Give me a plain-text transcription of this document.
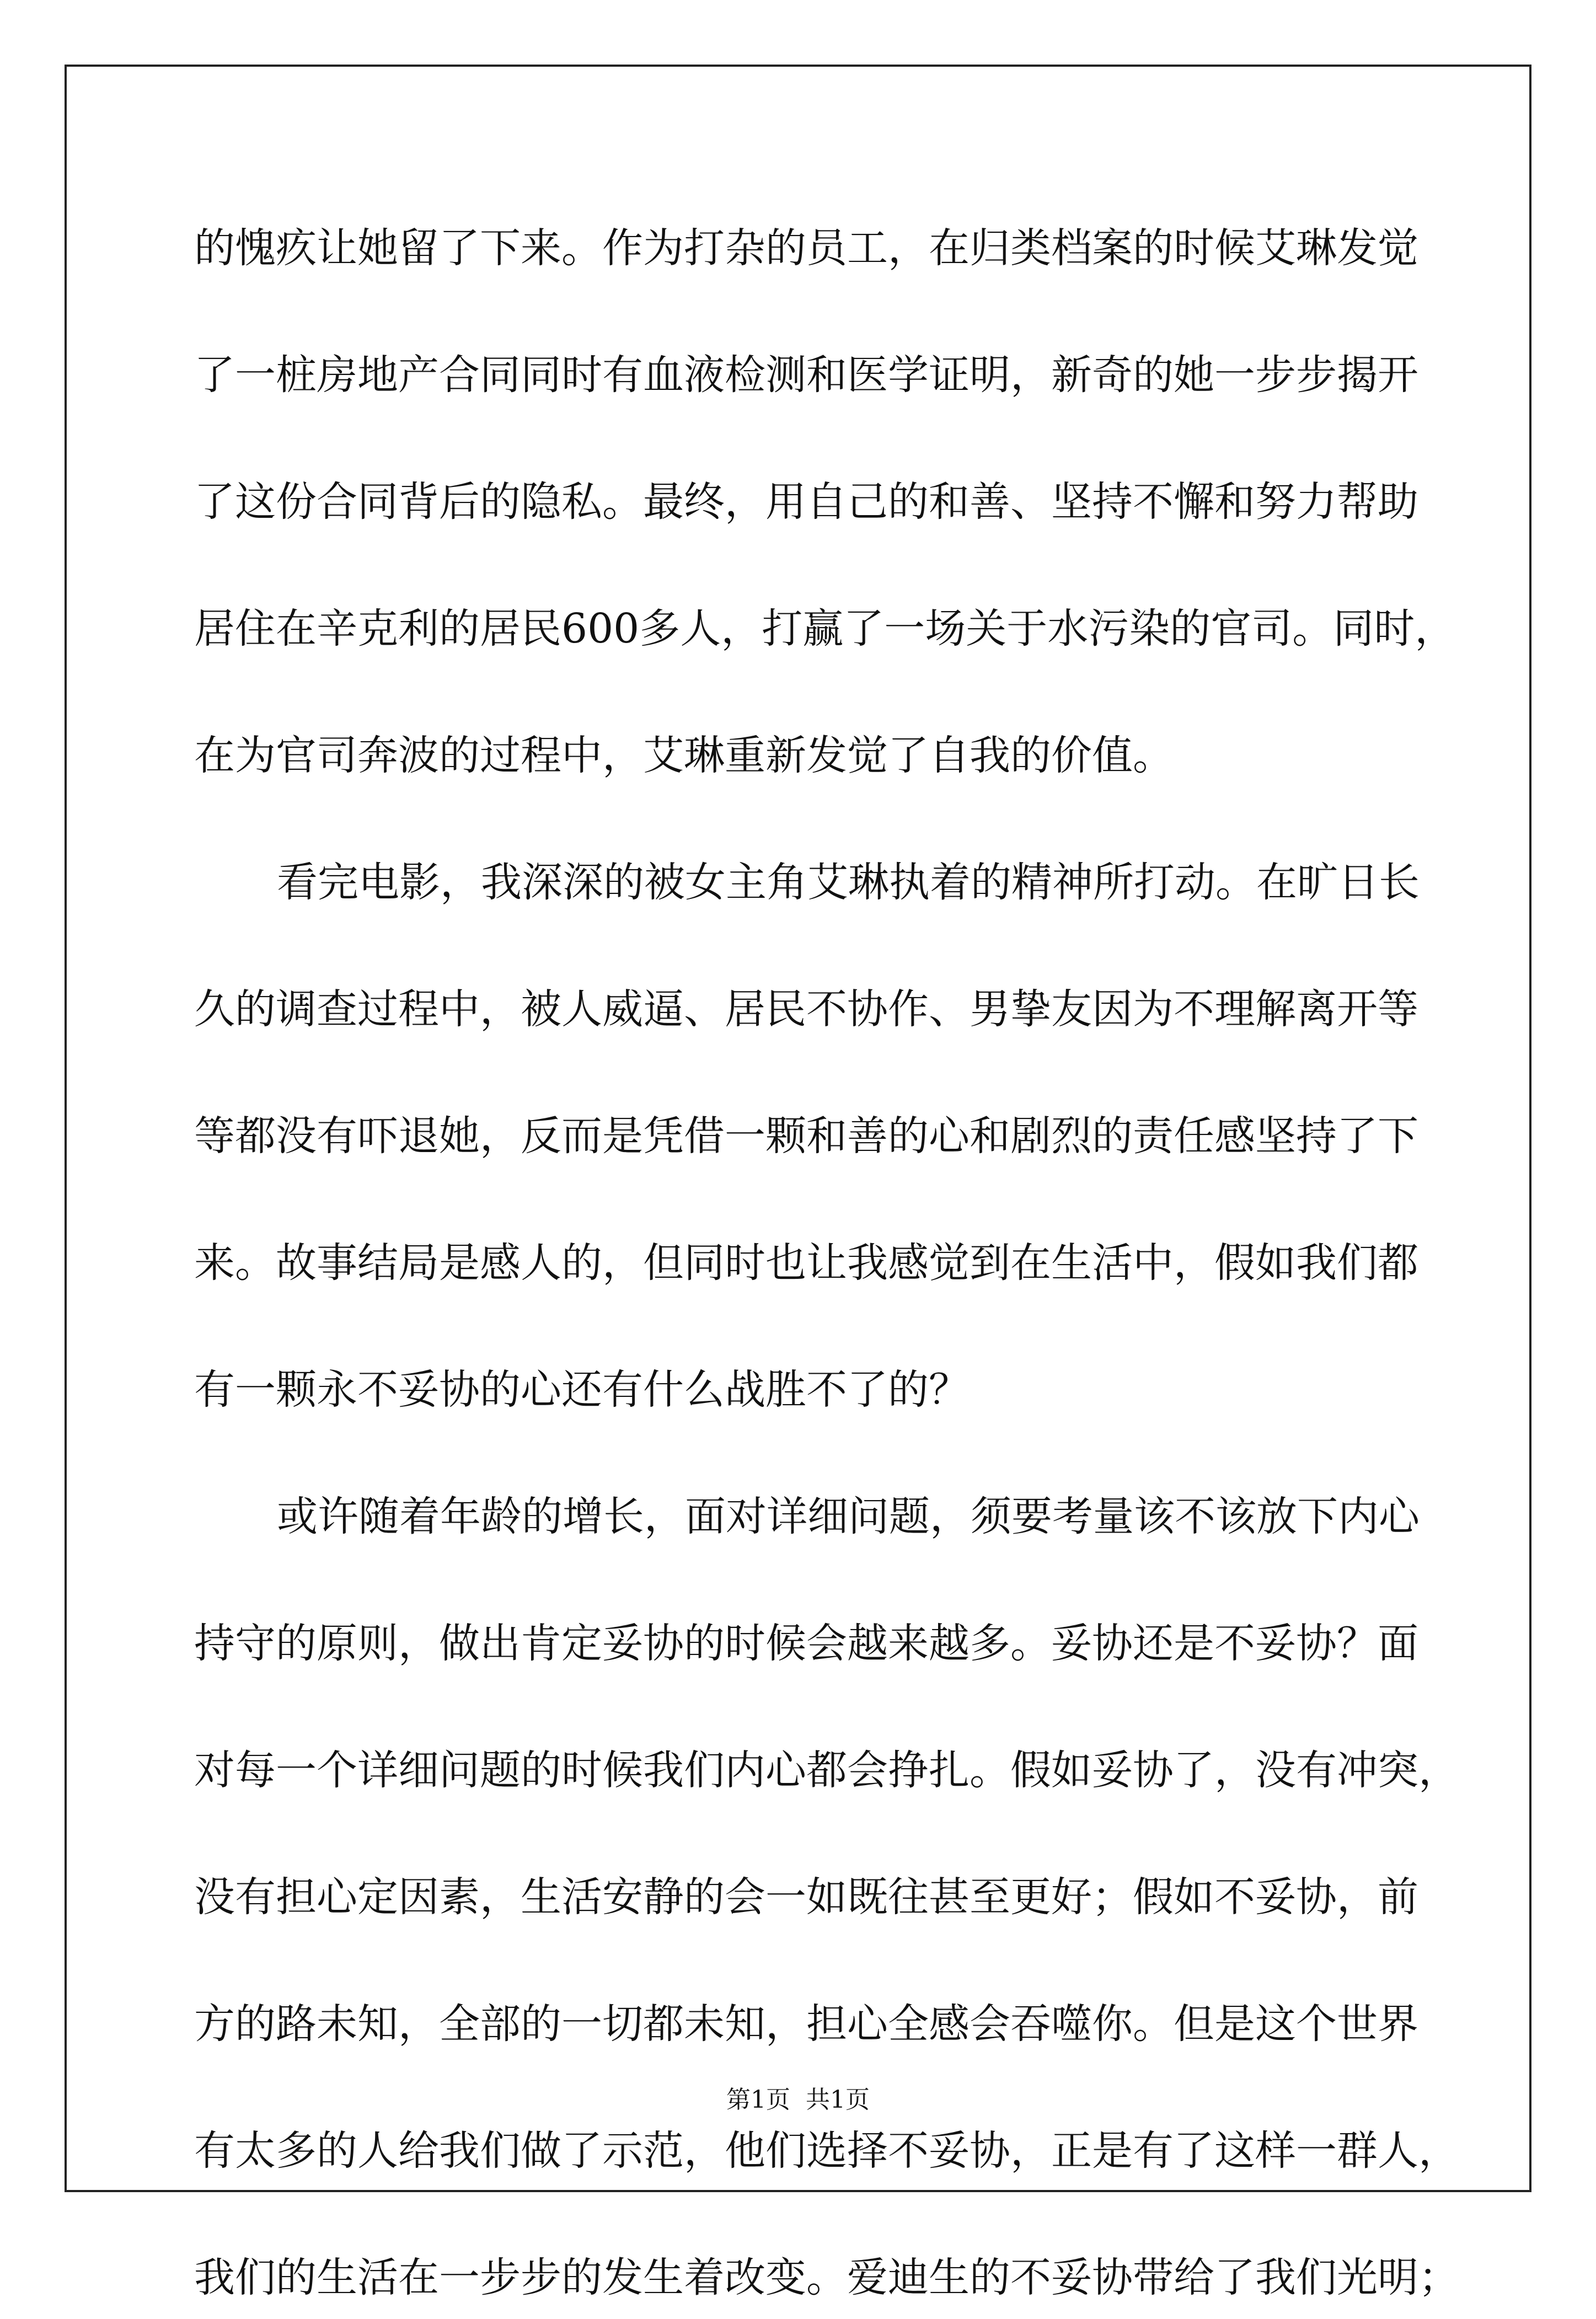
的愧疚让她留了下来。作为打杂的员工，在归类档案的时候艾琳发觉
了一桩房地产合同同时有血液检测和医学证明，新奇的她一步步揭开
了这份合同背后的隐私。最终，用自己的和善、坚持不懈和努力帮助
居住在辛克利的居民600多人，打赢了一场关于水污染的官司。同时，
在为官司奔波的过程中，艾琳重新发觉了自我的价值。
看完电影，我深深的被女主角艾琳执着的精神所打动。在旷日长
久的调查过程中，被人威逼、居民不协作、男挚友因为不理解离开等
等都没有吓退她，反而是凭借一颗和善的心和剧烈的责任感坚持了下
来。故事结局是感人的，但同时也让我感觉到在生活中，假如我们都
有一颗永不妥协的心还有什么战胜不了的？
或许随着年龄的增长，面对详细问题，须要考量该不该放下内心
持守的原则，做出肯定妥协的时候会越来越多。妥协还是不妥协？面
对每一个详细问题的时候我们内心都会挣扎。假如妥协了，没有冲突，
没有担心定因素，生活安静的会一如既往甚至更好；假如不妥协，前
方的路未知，全部的一切都未知，担心全感会吞噬你。但是这个世界
有太多的人给我们做了示范，他们选择不妥协，正是有了这样一群人，
我们的生活在一步步的发生着改变。爱迪生的不妥协带给了我们光明；
第1页  共1页
